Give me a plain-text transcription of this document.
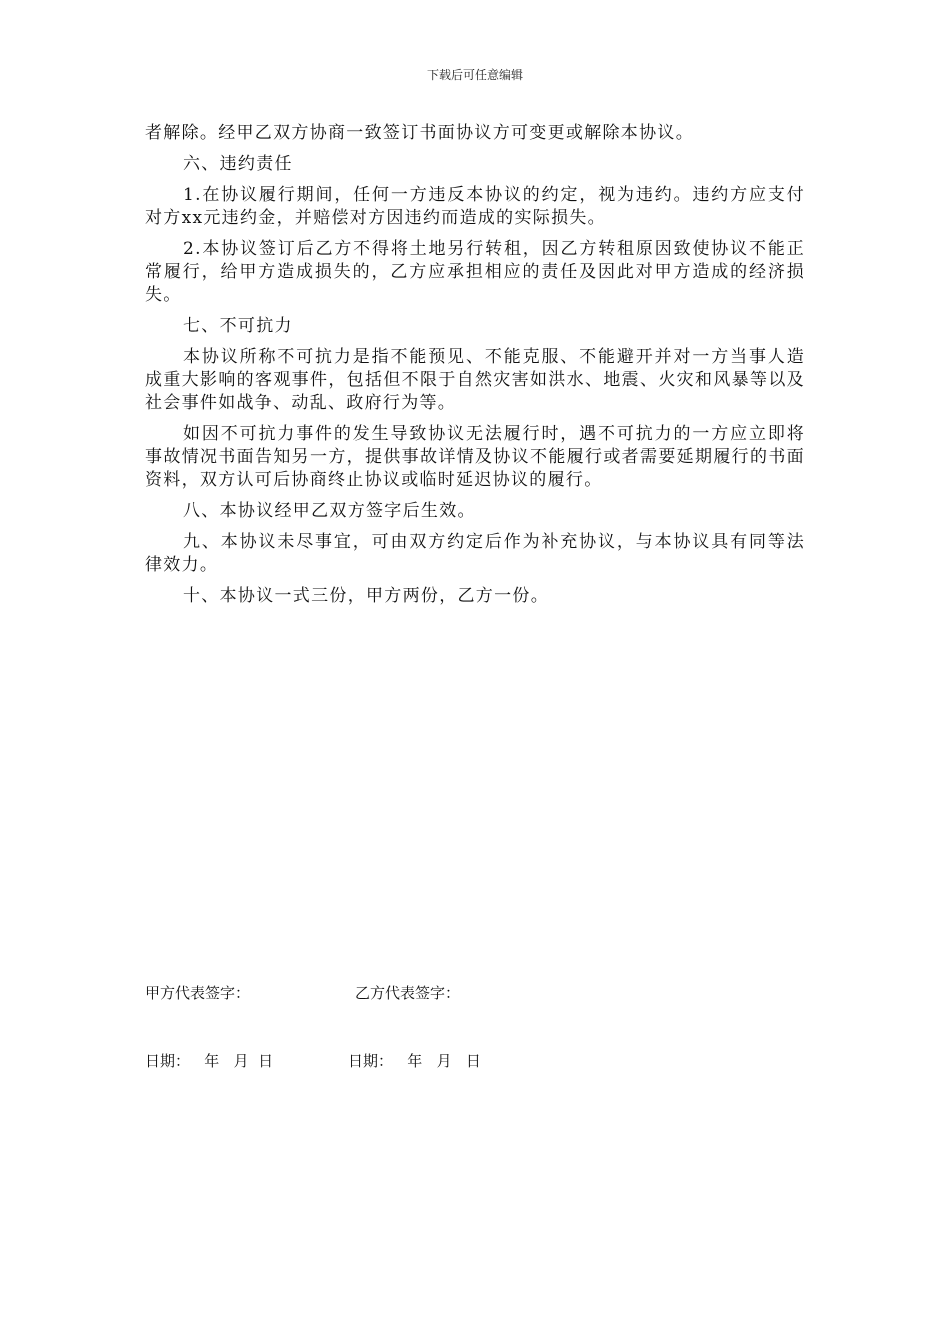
下载后可任意编辑

者解除。经甲乙双方协商一致签订书面协议方可变更或解除本协议。

六、违约责任

1.在协议履行期间，任何一方违反本协议的约定，视为违约。违约方应支付对方xx元违约金，并赔偿对方因违约而造成的实际损失。

2.本协议签订后乙方不得将土地另行转租，因乙方转租原因致使协议不能正常履行，给甲方造成损失的，乙方应承担相应的责任及因此对甲方造成的经济损失。

七、不可抗力

本协议所称不可抗力是指不能预见、不能克服、不能避开并对一方当事人造成重大影响的客观事件，包括但不限于自然灾害如洪水、地震、火灾和风暴等以及社会事件如战争、动乱、政府行为等。

如因不可抗力事件的发生导致协议无法履行时，遇不可抗力的一方应立即将事故情况书面告知另一方，提供事故详情及协议不能履行或者需要延期履行的书面资料，双方认可后协商终止协议或临时延迟协议的履行。

八、本协议经甲乙双方签字后生效。

九、本协议未尽事宜，可由双方约定后作为补充协议，与本协议具有同等法律效力。

十、本协议一式三份，甲方两份，乙方一份。

甲方代表签字：	乙方代表签字：
日期：   年   月  日	日期：   年   月   日
